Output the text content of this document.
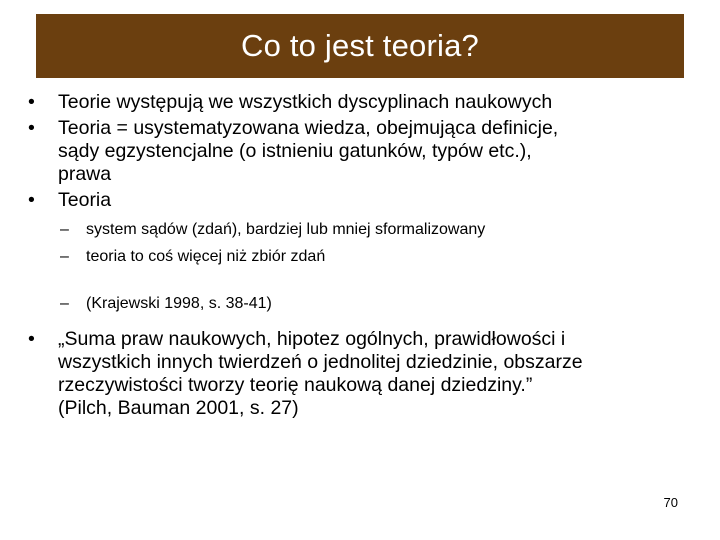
Co to jest teoria?
•	Teorie występują we wszystkich dyscyplinach naukowych
•	Teoria = usystematyzowana wiedza, obejmująca definicje,
sądy egzystencjalne (o istnieniu gatunków, typów etc.),
prawa
•	Teoria
– system sądów (zdań), bardziej lub mniej sformalizowany
– teoria to coś więcej niż zbiór zdań
– (Krajewski 1998, s. 38-41)
•	„Suma praw naukowych, hipotez ogólnych, prawidłowości i
wszystkich innych twierdzeń o jednolitej dziedzinie, obszarze
rzeczywistości tworzy teorię naukową danej dziedziny.”
(Pilch, Bauman 2001, s. 27)
70
